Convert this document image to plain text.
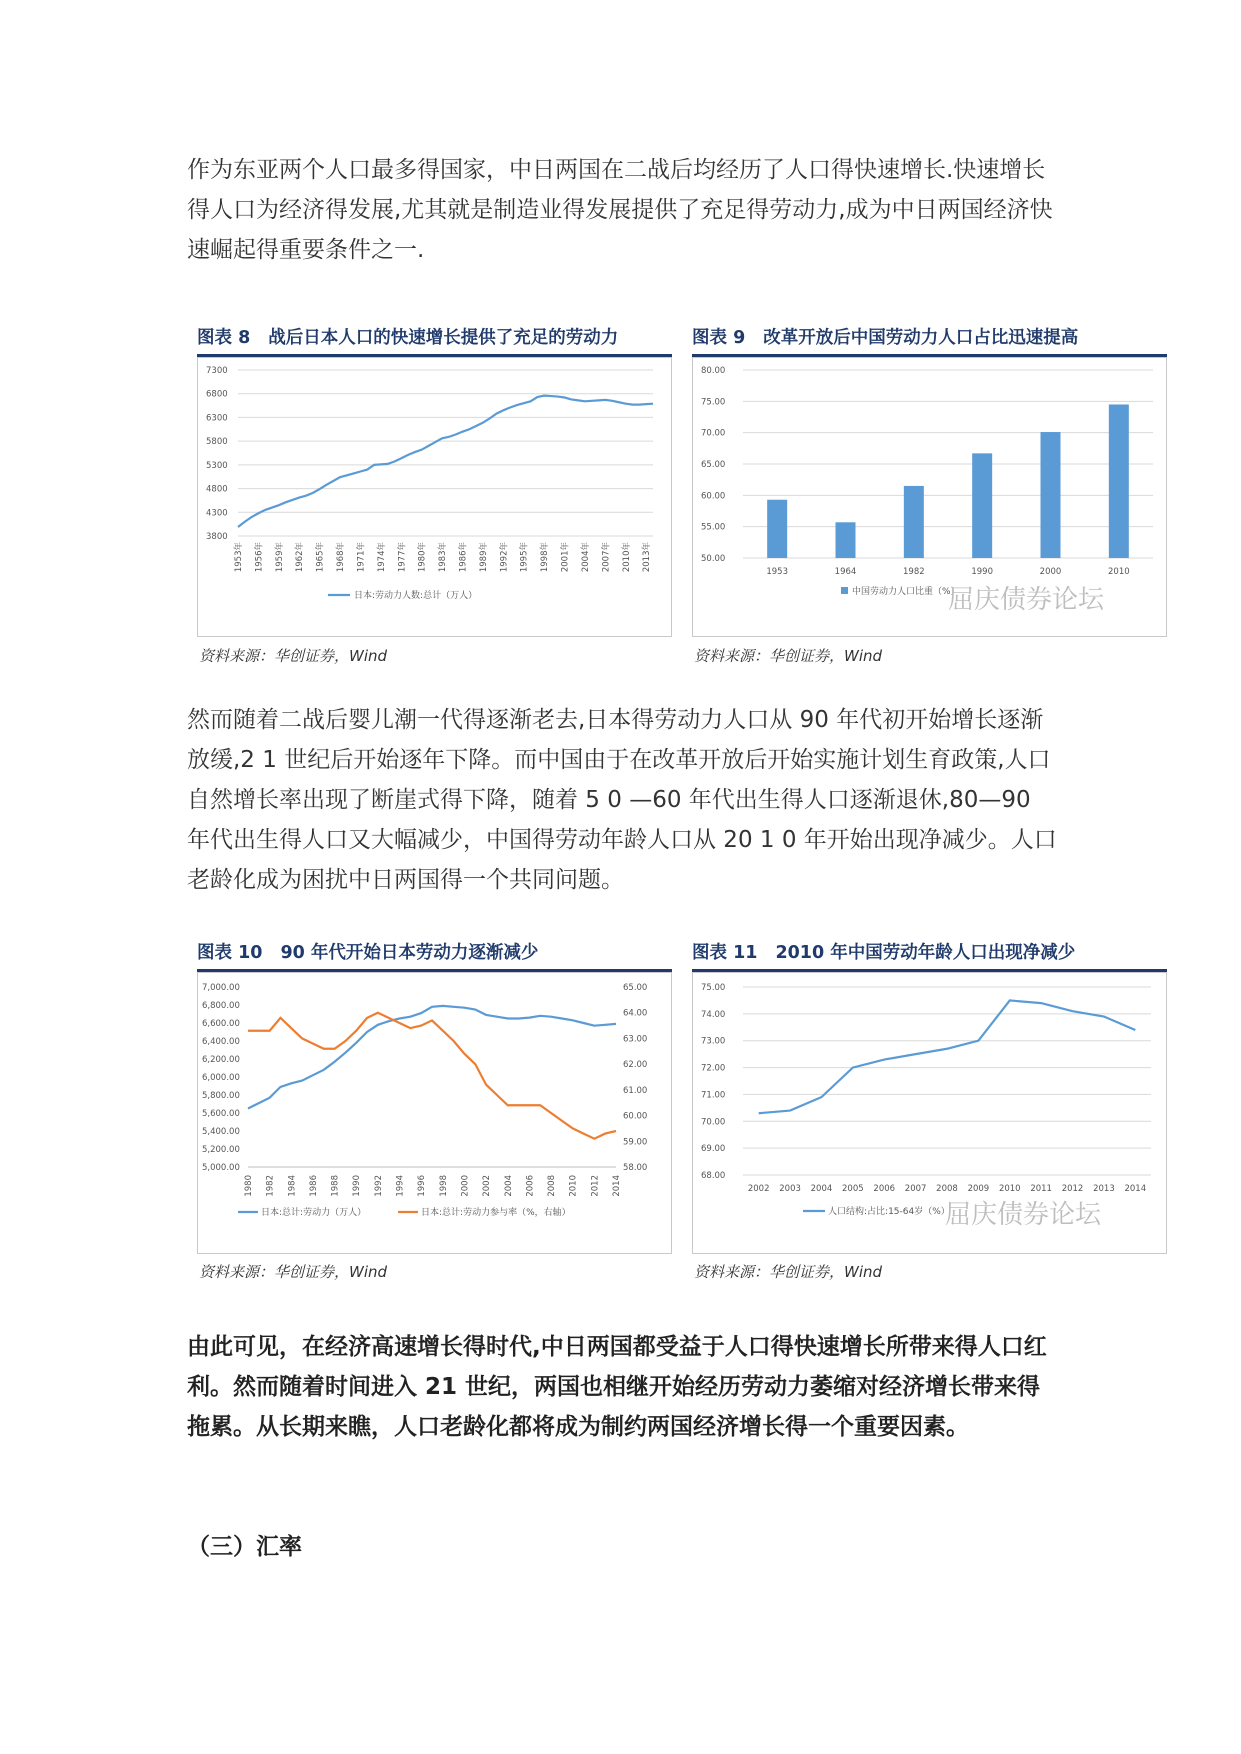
作为东亚两个人口最多得国家，中日两国在二战后均经历了人口得快速增长.快速增长得人口为经济得发展,尤其就是制造业得发展提供了充足得劳动力,成为中日两国经济快速崛起得重要条件之一.

图表 8 战后日本人口的快速增长提供了充足的劳动力
3800
4300
4800
5300
5800
6300
6800
7300
1953年 1956年 1959年 1962年 1965年 1968年 1971年 1974年 1977年 1980年 1983年 1986年 1989年 1992年 1995年 1998年 2001年 2004年 2007年 2010年 2013年
日本:劳动力人数:总计（万人）
资料来源：华创证券，Wind
图表 9 改革开放后中国劳动力人口占比迅速提高
50.00
55.00
60.00
65.00
70.00
75.00
80.00
1953	1964	1982	1990	2000	2010
中国劳动力人口比重（%）
屈庆债券论坛
资料来源：华创证券，Wind

然而随着二战后婴儿潮一代得逐渐老去,日本得劳动力人口从 90 年代初开始增长逐渐放缓,2 1 世纪后开始逐年下降。而中国由于在改革开放后开始实施计划生育政策,人口自然增长率出现了断崖式得下降，随着 5 0 —60 年代出生得人口逐渐退休,80—90 年代出生得人口又大幅减少，中国得劳动年龄人口从 20 1 0 年开始出现净减少。人口老龄化成为困扰中日两国得一个共同问题。

图表 10 90 年代开始日本劳动力逐渐减少
5,000.00
5,200.00
5,400.00
5,600.00
5,800.00
6,000.00
6,200.00
6,400.00
6,600.00
6,800.00
7,000.00
58.00
59.00
60.00
61.00
62.00
63.00
64.00
65.00
1980 1982 1984 1986 1988 1990 1992 1994 1996 1998 2000 2002 2004 2006 2008 2010 2012 2014
日本:总计:劳动力（万人）	日本:总计:劳动力参与率（%，右轴）
资料来源：华创证券，Wind
图表 11 2010 年中国劳动年龄人口出现净减少
68.00
69.00
70.00
71.00
72.00
73.00
74.00
75.00
2002 2003 2004 2005 2006 2007 2008 2009 2010 2011 2012 2013 2014
人口结构:占比:15-64岁（%）
屈庆债券论坛
资料来源：华创证券，Wind

由此可见，在经济高速增长得时代,中日两国都受益于人口得快速增长所带来得人口红利。然而随着时间进入 21 世纪，两国也相继开始经历劳动力萎缩对经济增长带来得拖累。从长期来瞧，人口老龄化都将成为制约两国经济增长得一个重要因素。

（三）汇率
